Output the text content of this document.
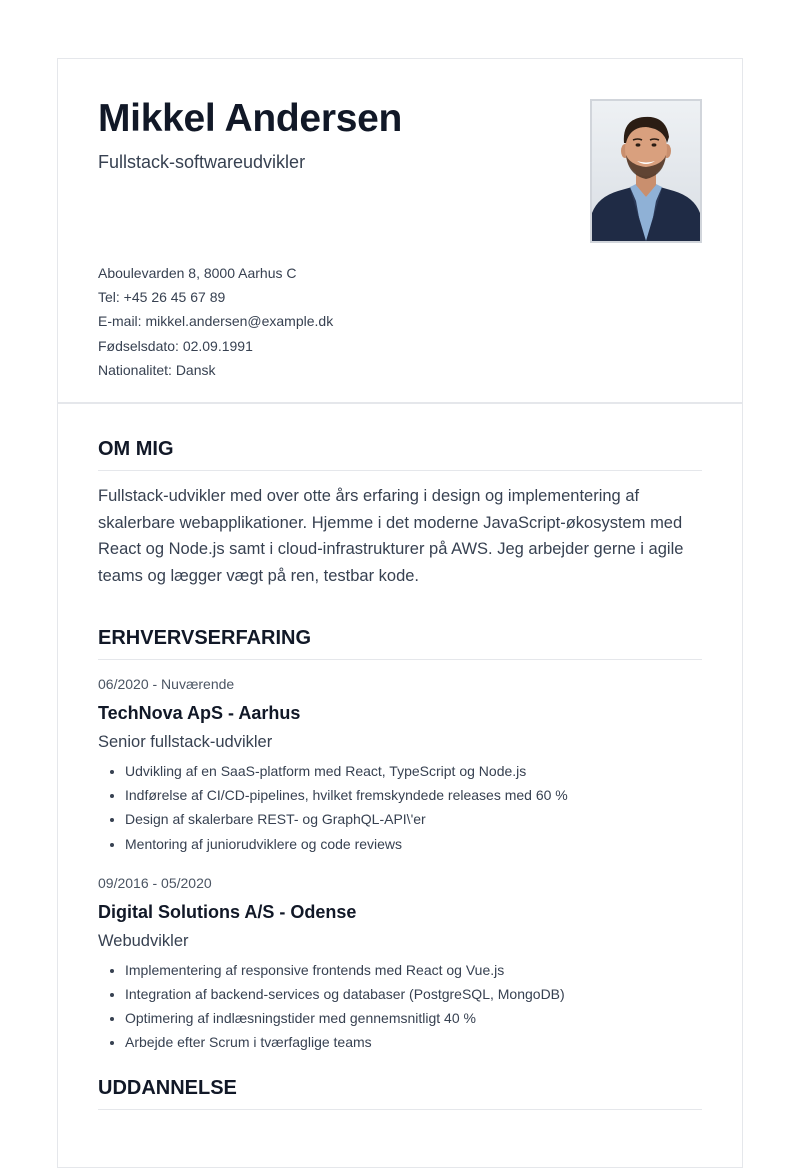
Mikkel Andersen

Fullstack-softwareudvikler

Aboulevarden 8, 8000 Aarhus C
Tel: +45 26 45 67 89
E-mail: mikkel.andersen@example.dk
Fødselsdato: 02.09.1991
Nationalitet: Dansk
OM MIG

Fullstack-udvikler med over otte års erfaring i design og implementering af skalerbare webapplikationer. Hjemme i det moderne JavaScript-økosystem med React og Node.js samt i cloud-infrastrukturer på AWS. Jeg arbejder gerne i agile teams og lægger vægt på ren, testbar kode.

ERHVERVSERFARING
06/2020 - Nuværende
TechNova ApS - Aarhus
Senior fullstack-udvikler
• Udvikling af en SaaS-platform med React, TypeScript og Node.js
• Indførelse af CI/CD-pipelines, hvilket fremskyndede releases med 60 %
• Design af skalerbare REST- og GraphQL-API\'er
• Mentoring af juniorudviklere og code reviews
09/2016 - 05/2020
Digital Solutions A/S - Odense
Webudvikler
• Implementering af responsive frontends med React og Vue.js
• Integration af backend-services og databaser (PostgreSQL, MongoDB)
• Optimering af indlæsningstider med gennemsnitligt 40 %
• Arbejde efter Scrum i tværfaglige teams
UDDANNELSE
